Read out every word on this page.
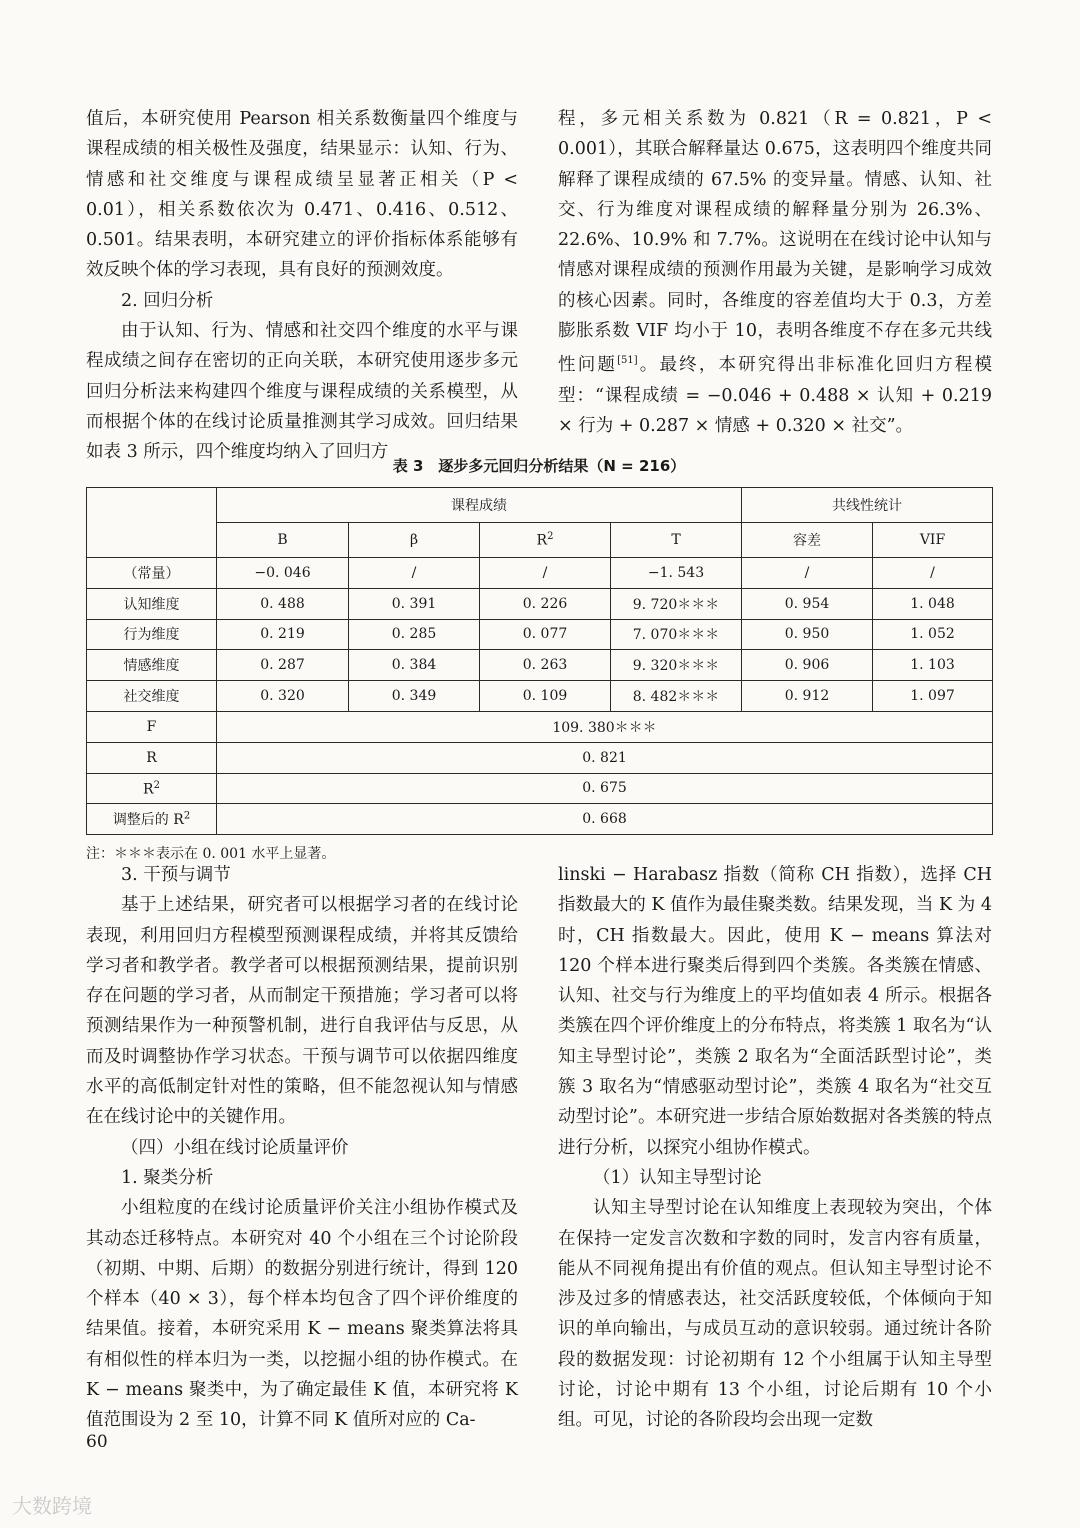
值后，本研究使用 Pearson 相关系数衡量四个维度与课程成绩的相关极性及强度，结果显示：认知、行为、情感和社交维度与课程成绩呈显著正相关（P < 0.01），相关系数依次为 0.471、0.416、0.512、0.501。结果表明，本研究建立的评价指标体系能够有效反映个体的学习表现，具有良好的预测效度。

2. 回归分析

由于认知、行为、情感和社交四个维度的水平与课程成绩之间存在密切的正向关联，本研究使用逐步多元回归分析法来构建四个维度与课程成绩的关系模型，从而根据个体的在线讨论质量推测其学习成效。回归结果如表 3 所示，四个维度均纳入了回归方

程，多元相关系数为 0.821（R = 0.821，P < 0.001），其联合解释量达 0.675，这表明四个维度共同解释了课程成绩的 67.5% 的变异量。情感、认知、社交、行为维度对课程成绩的解释量分别为 26.3%、22.6%、10.9% 和 7.7%。这说明在在线讨论中认知与情感对课程成绩的预测作用最为关键，是影响学习成效的核心因素。同时，各维度的容差值均大于 0.3，方差膨胀系数 VIF 均小于 10，表明各维度不存在多元共线性问题[51]。最终，本研究得出非标准化回归方程模型：“课程成绩 = −0.046 + 0.488 × 认知 + 0.219 × 行为 + 0.287 × 情感 + 0.320 × 社交”。

表 3　逐步多元回归分析结果（N = 216）
	课程成绩				共线性统计	
	B	β	$R^2$	T	容差	VIF
（常量）	−0. 046	/	/	−1. 543	/	/
认知维度	0. 488	0. 391	0. 226	9. 720＊＊＊	0. 954	1. 048
行为维度	0. 219	0. 285	0. 077	7. 070＊＊＊	0. 950	1. 052
情感维度	0. 287	0. 384	0. 263	9. 320＊＊＊	0. 906	1. 103
社交维度	0. 320	0. 349	0. 109	8. 482＊＊＊	0. 912	1. 097
F	109. 380＊＊＊					
R	0. 821					
$R^2$	0. 675					
调整后的 $R^2$	0. 668					
注：＊＊＊表示在 0. 001 水平上显著。

3. 干预与调节

基于上述结果，研究者可以根据学习者的在线讨论表现，利用回归方程模型预测课程成绩，并将其反馈给学习者和教学者。教学者可以根据预测结果，提前识别存在问题的学习者，从而制定干预措施；学习者可以将预测结果作为一种预警机制，进行自我评估与反思，从而及时调整协作学习状态。干预与调节可以依据四维度水平的高低制定针对性的策略，但不能忽视认知与情感在在线讨论中的关键作用。

（四）小组在线讨论质量评价

1. 聚类分析

小组粒度的在线讨论质量评价关注小组协作模式及其动态迁移特点。本研究对 40 个小组在三个讨论阶段（初期、中期、后期）的数据分别进行统计，得到 120 个样本（40 × 3），每个样本均包含了四个评价维度的结果值。接着，本研究采用 K − means 聚类算法将具有相似性的样本归为一类，以挖掘小组的协作模式。在 K − means 聚类中，为了确定最佳 K 值，本研究将 K 值范围设为 2 至 10，计算不同 K 值所对应的 Ca-

linski − Harabasz 指数（简称 CH 指数），选择 CH 指数最大的 K 值作为最佳聚类数。结果发现，当 K 为 4 时，CH 指数最大。因此，使用 K − means 算法对 120 个样本进行聚类后得到四个类簇。各类簇在情感、认知、社交与行为维度上的平均值如表 4 所示。根据各类簇在四个评价维度上的分布特点，将类簇 1 取名为“认知主导型讨论”，类簇 2 取名为“全面活跃型讨论”，类簇 3 取名为“情感驱动型讨论”，类簇 4 取名为“社交互动型讨论”。本研究进一步结合原始数据对各类簇的特点进行分析，以探究小组协作模式。

（1）认知主导型讨论

认知主导型讨论在认知维度上表现较为突出，个体在保持一定发言次数和字数的同时，发言内容有质量，能从不同视角提出有价值的观点。但认知主导型讨论不涉及过多的情感表达，社交活跃度较低，个体倾向于知识的单向输出，与成员互动的意识较弱。通过统计各阶段的数据发现：讨论初期有 12 个小组属于认知主导型讨论，讨论中期有 13 个小组，讨论后期有 10 个小组。可见，讨论的各阶段均会出现一定数

60
大数跨境
